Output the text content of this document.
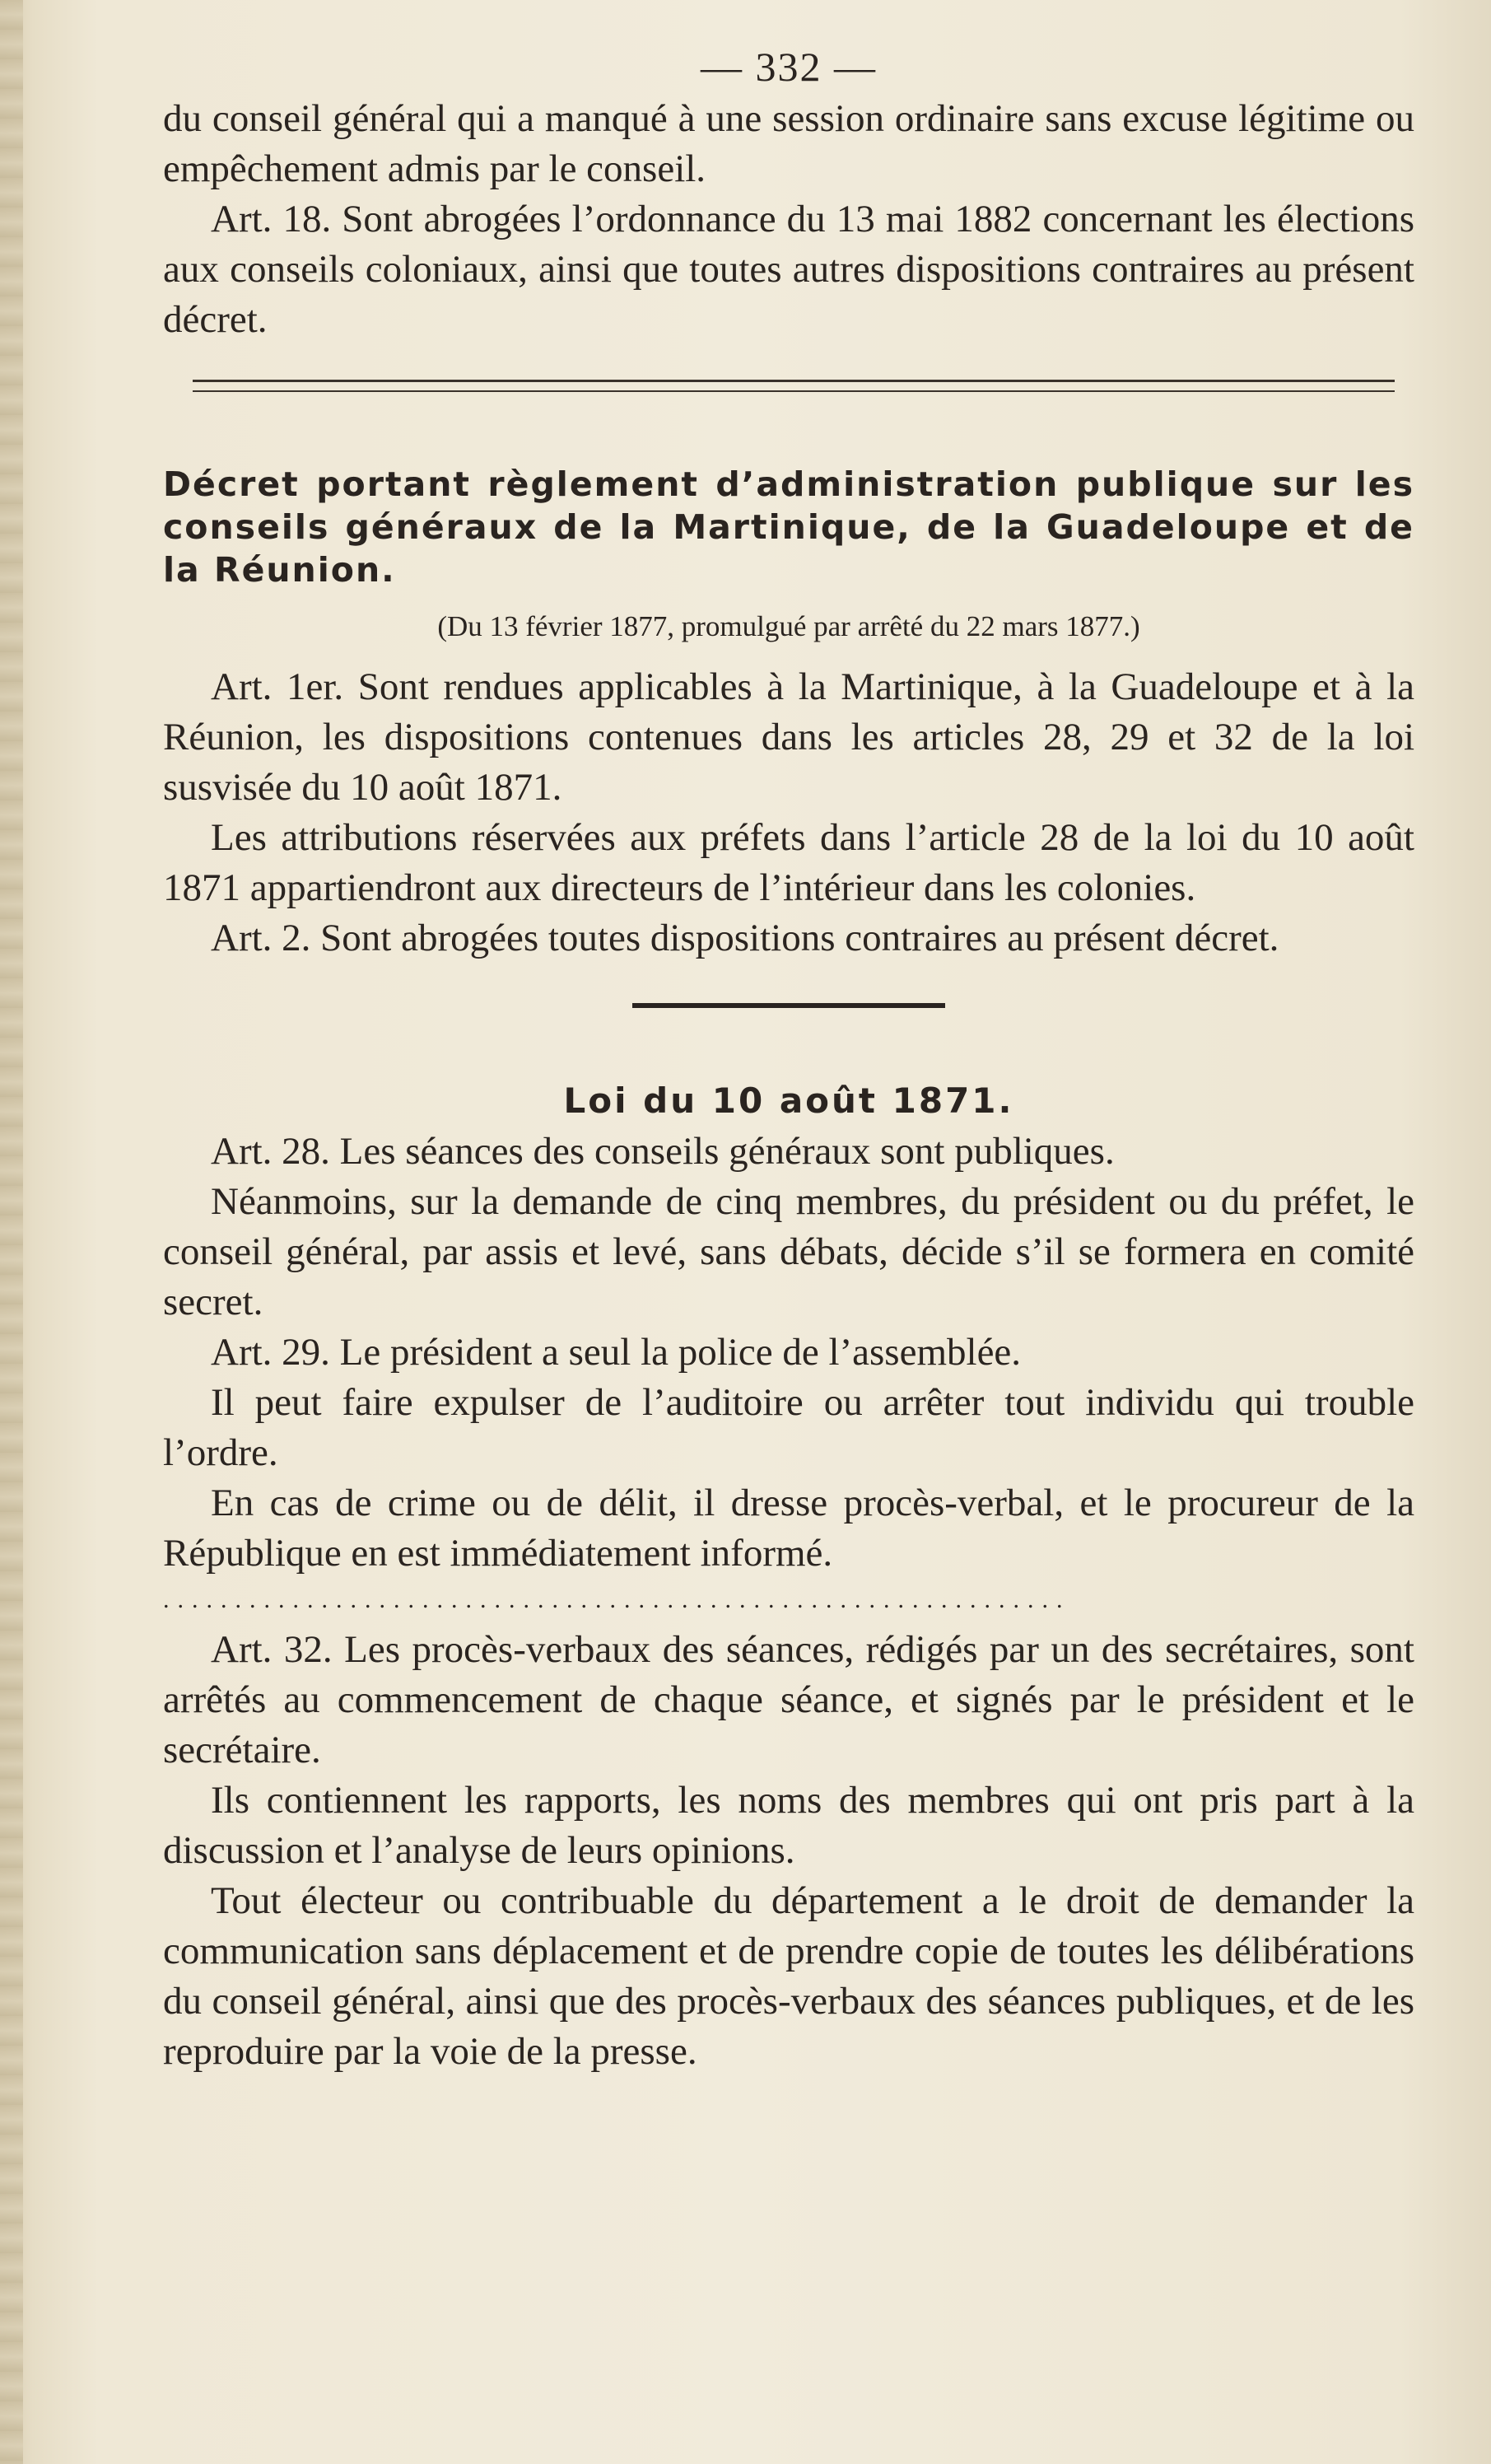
— 332 —

du conseil général qui a manqué à une session ordinaire sans excuse légitime ou empêchement admis par le conseil.

Art. 18. Sont abrogées l’ordonnance du 13 mai 1882 concernant les élections aux conseils coloniaux, ainsi que toutes autres dispositions contraires au présent décret.

Décret portant règlement d’administration publique sur les conseils généraux de la Martinique, de la Guadeloupe et de la Réunion.
(Du 13 février 1877, promulgué par arrêté du 22 mars 1877.)

Art. 1er. Sont rendues applicables à la Martinique, à la Guadeloupe et à la Réunion, les dispositions contenues dans les articles 28, 29 et 32 de la loi susvisée du 10 août 1871.

Les attributions réservées aux préfets dans l’article 28 de la loi du 10 août 1871 appartiendront aux directeurs de l’intérieur dans les colonies.

Art. 2. Sont abrogées toutes dispositions contraires au présent décret.

Loi du 10 août 1871.

Art. 28. Les séances des conseils généraux sont publiques.

Néanmoins, sur la demande de cinq membres, du président ou du préfet, le conseil général, par assis et levé, sans débats, décide s’il se formera en comité secret.

Art. 29. Le président a seul la police de l’assemblée.

Il peut faire expulser de l’auditoire ou arrêter tout individu qui trouble l’ordre.

En cas de crime ou de délit, il dresse procès-verbal, et le procureur de la République en est immédiatement informé.

...............................................................

Art. 32. Les procès-verbaux des séances, rédigés par un des secrétaires, sont arrêtés au commencement de chaque séance, et signés par le président et le secrétaire.

Ils contiennent les rapports, les noms des membres qui ont pris part à la discussion et l’analyse de leurs opinions.

Tout électeur ou contribuable du département a le droit de demander la communication sans déplacement et de prendre copie de toutes les délibérations du conseil général, ainsi que des procès-verbaux des séances publiques, et de les reproduire par la voie de la presse.
